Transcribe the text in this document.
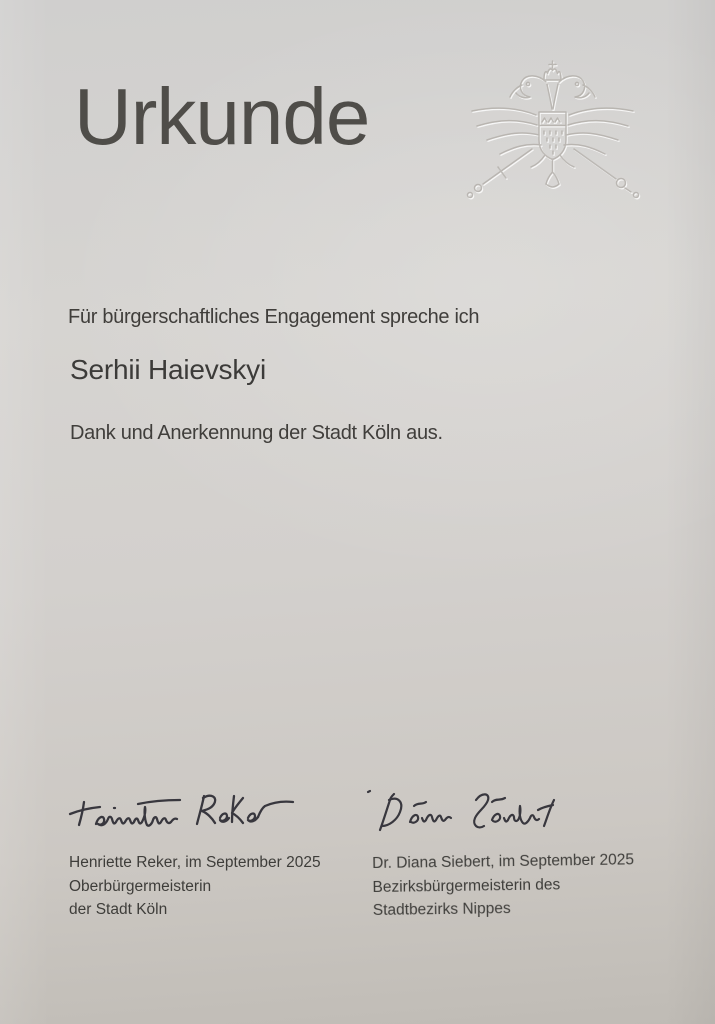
Urkunde
Für bürgerschaftliches Engagement spreche ich
Serhii Haievskyi
Dank und Anerkennung der Stadt Köln aus.
Henriette Reker, im September 2025
Oberbürgermeisterin
der Stadt Köln
Dr. Diana Siebert, im September 2025
Bezirksbürgermeisterin des
Stadtbezirks Nippes
